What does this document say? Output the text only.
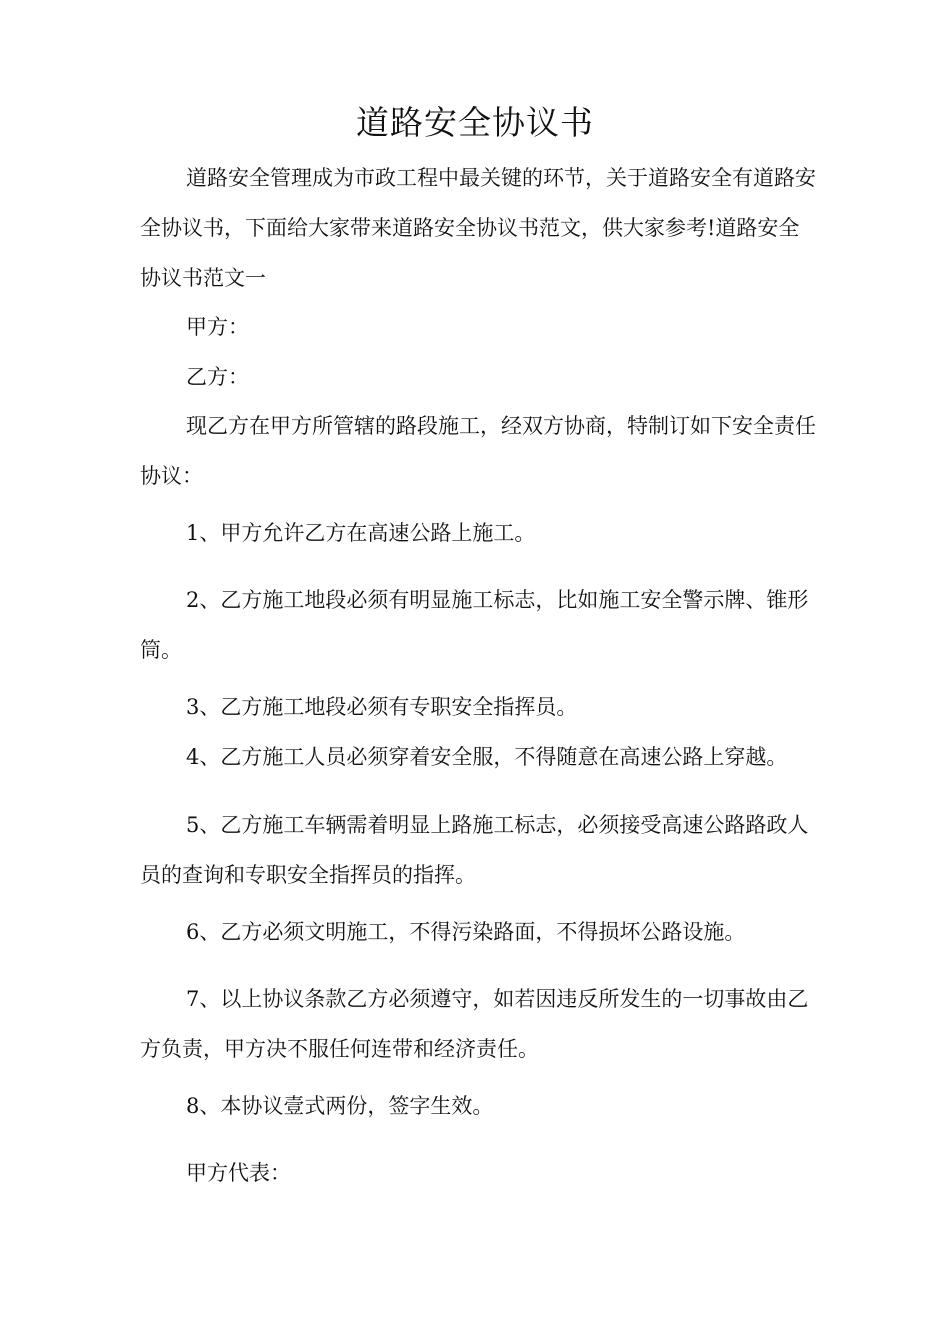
道路安全协议书

道路安全管理成为市政工程中最关键的环节，关于道路安全有道路安全协议书，下面给大家带来道路安全协议书范文，供大家参考!道路安全协议书范文一

甲方：

乙方：

现乙方在甲方所管辖的路段施工，经双方协商，特制订如下安全责任协议：

1、甲方允许乙方在高速公路上施工。

2、乙方施工地段必须有明显施工标志，比如施工安全警示牌、锥形筒。

3、乙方施工地段必须有专职安全指挥员。

4、乙方施工人员必须穿着安全服，不得随意在高速公路上穿越。

5、乙方施工车辆需着明显上路施工标志，必须接受高速公路路政人员的查询和专职安全指挥员的指挥。

6、乙方必须文明施工，不得污染路面，不得损坏公路设施。

7、以上协议条款乙方必须遵守，如若因违反所发生的一切事故由乙方负责，甲方决不服任何连带和经济责任。

8、本协议壹式两份，签字生效。

甲方代表：
